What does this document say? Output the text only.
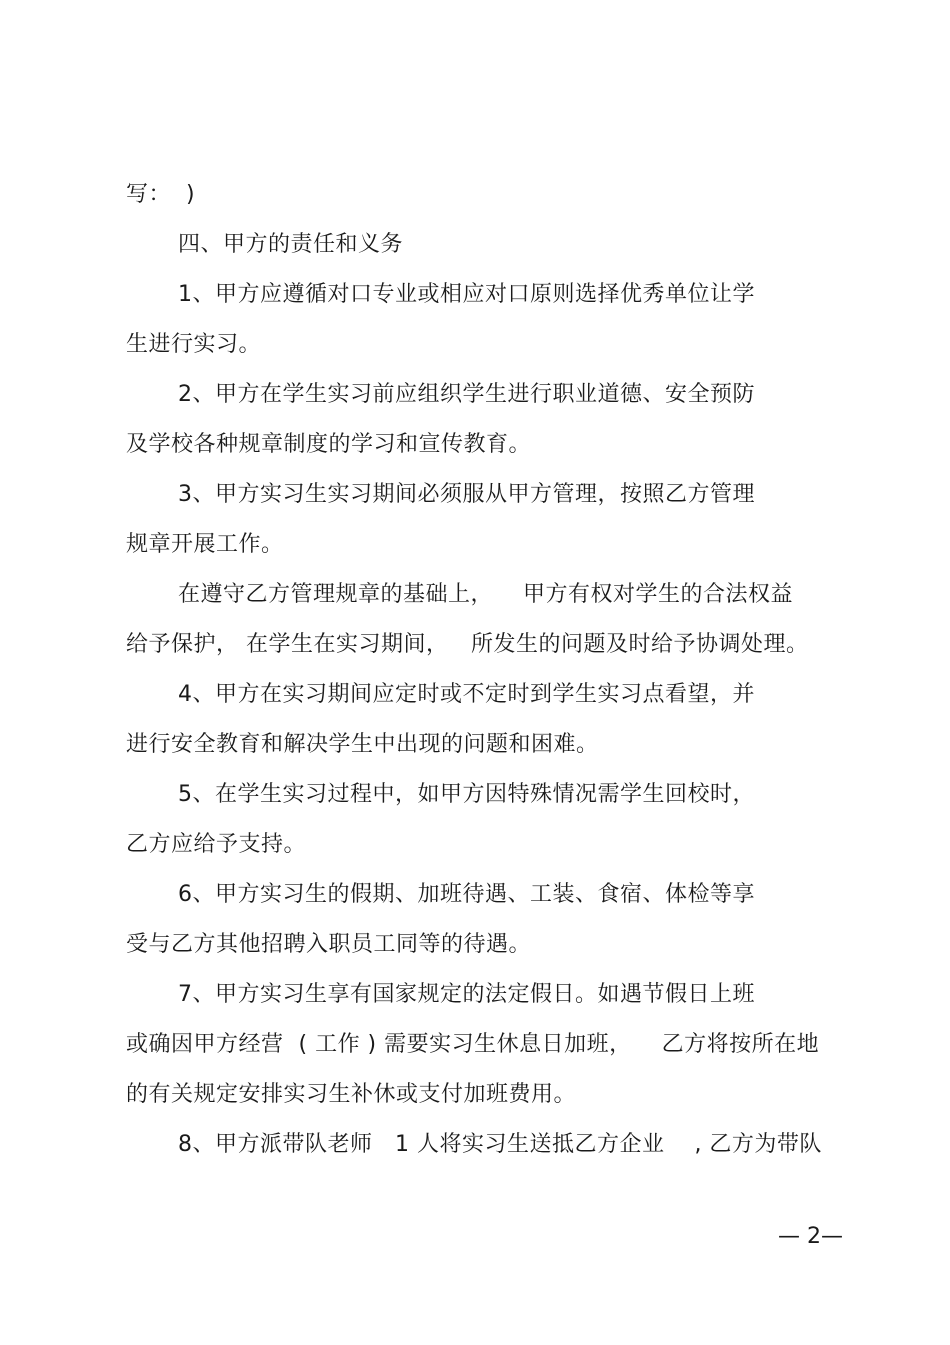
写：  )
四、甲方的责任和义务
1、甲方应遵循对口专业或相应对口原则选择优秀单位让学
生进行实习。
2、甲方在学生实习前应组织学生进行职业道德、安全预防
及学校各种规章制度的学习和宣传教育。
3、甲方实习生实习期间必须服从甲方管理，按照乙方管理
规章开展工作。
在遵守乙方管理规章的基础上，    甲方有权对学生的合法权益
给予保护， 在学生在实习期间，   所发生的问题及时给予协调处理。
4、甲方在实习期间应定时或不定时到学生实习点看望，并
进行安全教育和解决学生中出现的问题和困难。
5、在学生实习过程中，如甲方因特殊情况需学生回校时，
乙方应给予支持。
6、甲方实习生的假期、加班待遇、工装、食宿、体检等享
受与乙方其他招聘入职员工同等的待遇。
7、甲方实习生享有国家规定的法定假日。如遇节假日上班
或确因甲方经营  ( 工作 ) 需要实习生休息日加班，    乙方将按所在地
的有关规定安排实习生补休或支付加班费用。
8、甲方派带队老师   1 人将实习生送抵乙方企业    , 乙方为带队
— 2—
